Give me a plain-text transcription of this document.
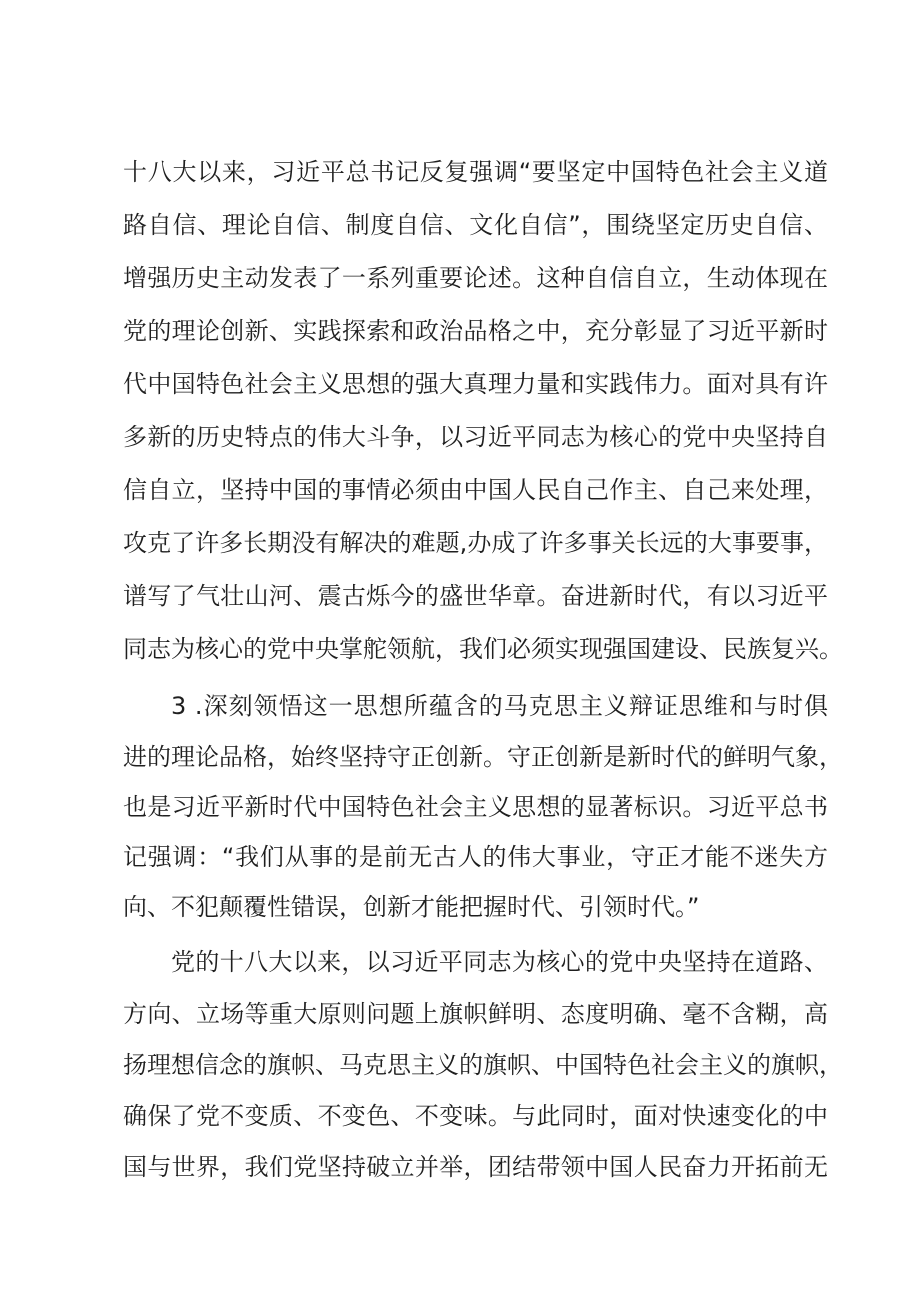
十八大以来，习近平总书记反复强调“要坚定中国特色社会主义道
路自信、理论自信、制度自信、文化自信”，围绕坚定历史自信、
增强历史主动发表了一系列重要论述。这种自信自立，生动体现在
党的理论创新、实践探索和政治品格之中，充分彰显了习近平新时
代中国特色社会主义思想的强大真理力量和实践伟力。面对具有许
多新的历史特点的伟大斗争，以习近平同志为核心的党中央坚持自
信自立，坚持中国的事情必须由中国人民自己作主、自己来处理，
攻克了许多长期没有解决的难题,办成了许多事关长远的大事要事，
谱写了气壮山河、震古烁今的盛世华章。奋进新时代，有以习近平
同志为核心的党中央掌舵领航，我们必须实现强国建设、民族复兴。
3 .深刻领悟这一思想所蕴含的马克思主义辩证思维和与时俱
进的理论品格，始终坚持守正创新。守正创新是新时代的鲜明气象，
也是习近平新时代中国特色社会主义思想的显著标识。习近平总书
记强调：“我们从事的是前无古人的伟大事业，守正才能不迷失方
向、不犯颠覆性错误，创新才能把握时代、引领时代。”
党的十八大以来，以习近平同志为核心的党中央坚持在道路、
方向、立场等重大原则问题上旗帜鲜明、态度明确、毫不含糊，高
扬理想信念的旗帜、马克思主义的旗帜、中国特色社会主义的旗帜，
确保了党不变质、不变色、不变味。与此同时，面对快速变化的中
国与世界，我们党坚持破立并举，团结带领中国人民奋力开拓前无
